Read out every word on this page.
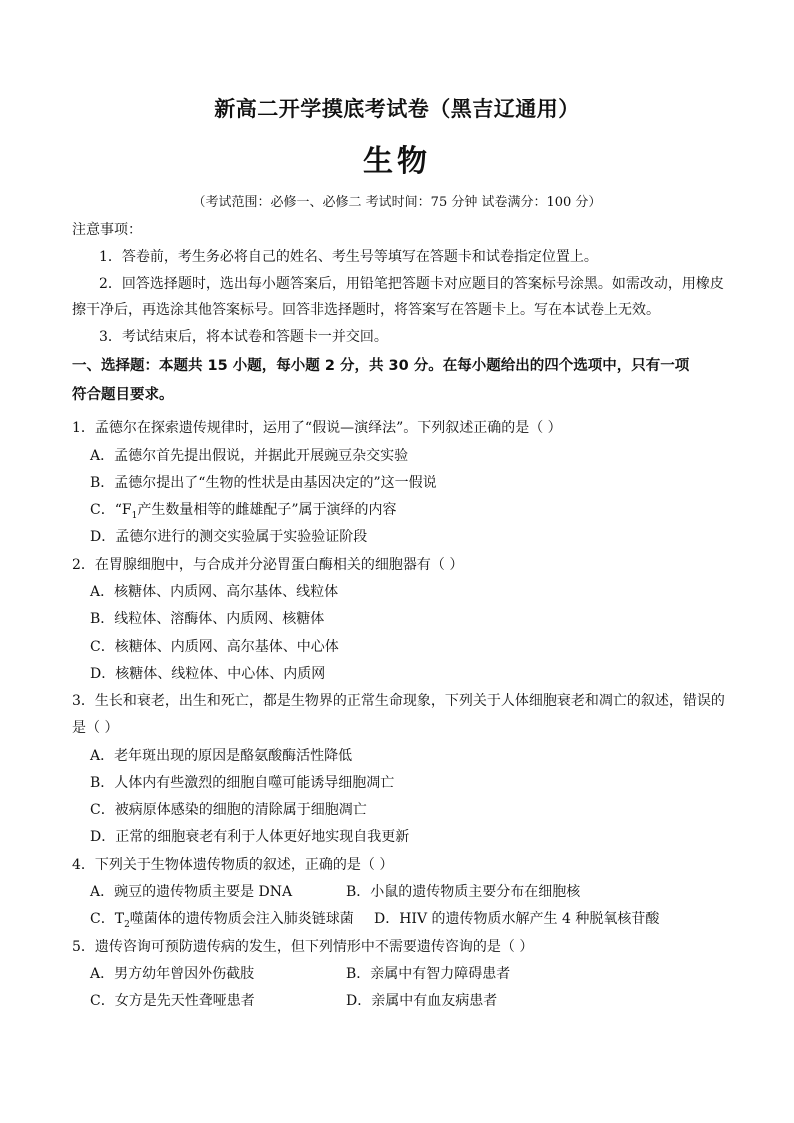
新高二开学摸底考试卷（黑吉辽通用）
生物
（考试范围：必修一、必修二 考试时间：75 分钟 试卷满分：100 分）
注意事项：
1．答卷前，考生务必将自己的姓名、考生号等填写在答题卡和试卷指定位置上。
2．回答选择题时，选出每小题答案后，用铅笔把答题卡对应题目的答案标号涂黑。如需改动，用橡皮
擦干净后，再选涂其他答案标号。回答非选择题时，将答案写在答题卡上。写在本试卷上无效。
3．考试结束后，将本试卷和答题卡一并交回。
一、选择题：本题共 15 小题，每小题 2 分，共 30 分。在每小题给出的四个选项中，只有一项
符合题目要求。
1．孟德尔在探索遗传规律时，运用了“假说—演绎法”。下列叙述正确的是（ ）
A．孟德尔首先提出假说，并据此开展豌豆杂交实验
B．孟德尔提出了“生物的性状是由基因决定的”这一假说
C．“$F_1$产生数量相等的雌雄配子”属于演绎的内容
D．孟德尔进行的测交实验属于实验验证阶段
2．在胃腺细胞中，与合成并分泌胃蛋白酶相关的细胞器有（ ）
A．核糖体、内质网、高尔基体、线粒体
B．线粒体、溶酶体、内质网、核糖体
C．核糖体、内质网、高尔基体、中心体
D．核糖体、线粒体、中心体、内质网
3．生长和衰老，出生和死亡，都是生物界的正常生命现象，下列关于人体细胞衰老和凋亡的叙述，错误的
是（ ）
A．老年斑出现的原因是酪氨酸酶活性降低
B．人体内有些激烈的细胞自噬可能诱导细胞凋亡
C．被病原体感染的细胞的清除属于细胞凋亡
D．正常的细胞衰老有利于人体更好地实现自我更新
4．下列关于生物体遗传物质的叙述，正确的是（ ）
A．豌豆的遗传物质主要是 DNA	B．小鼠的遗传物质主要分布在细胞核
C．$T_2$噬菌体的遗传物质会注入肺炎链球菌 D．HIV 的遗传物质水解产生 4 种脱氧核苷酸
5．遗传咨询可预防遗传病的发生，但下列情形中不需要遗传咨询的是（ ）
A．男方幼年曾因外伤截肢	B．亲属中有智力障碍患者
C．女方是先天性聋哑患者	D．亲属中有血友病患者
